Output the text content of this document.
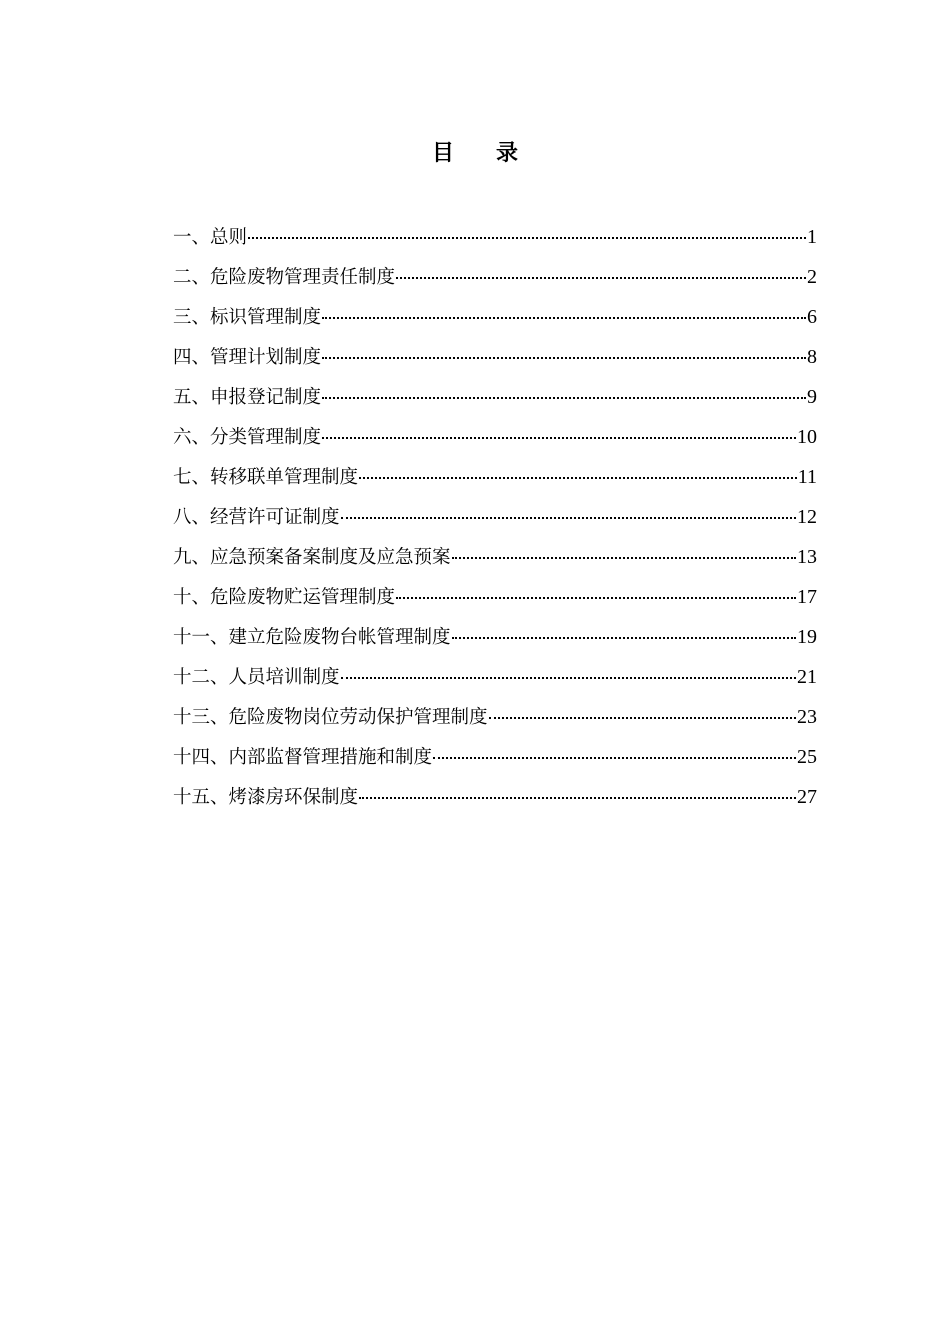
目 录
一、总则	1
二、危险废物管理责任制度	2
三、标识管理制度	6
四、管理计划制度	8
五、申报登记制度	9
六、分类管理制度	10
七、转移联单管理制度	11
八、经营许可证制度	12
九、应急预案备案制度及应急预案	13
十、危险废物贮运管理制度	17
十一、建立危险废物台帐管理制度	19
十二、人员培训制度	21
十三、危险废物岗位劳动保护管理制度	23
十四、内部监督管理措施和制度	25
十五、烤漆房环保制度	27
